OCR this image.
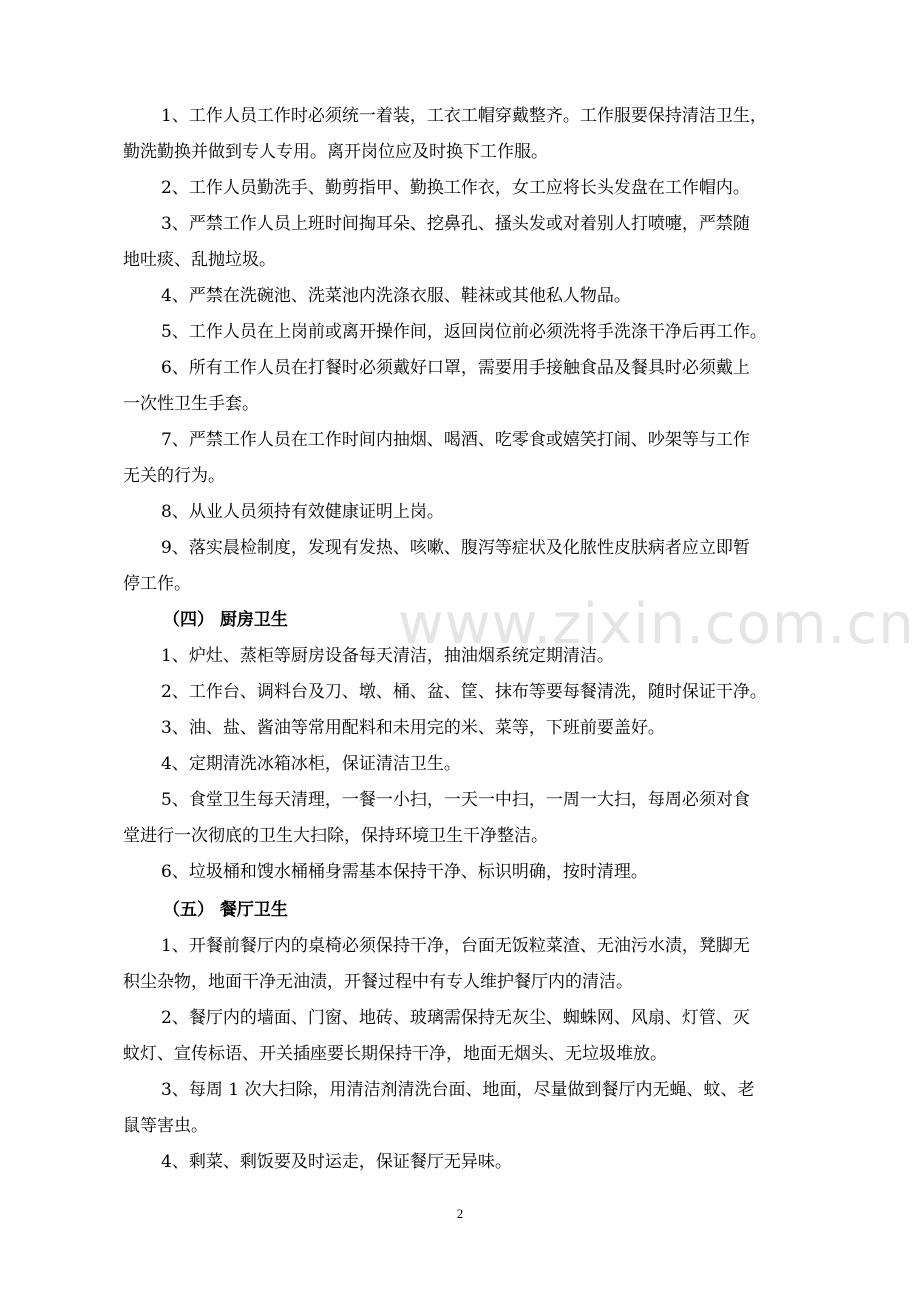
www.zixin.com.cn
1、工作人员工作时必须统一着装，工衣工帽穿戴整齐。工作服要保持清洁卫生，
勤洗勤换并做到专人专用。离开岗位应及时换下工作服。
2、工作人员勤洗手、勤剪指甲、勤换工作衣，女工应将长头发盘在工作帽内。
3、严禁工作人员上班时间掏耳朵、挖鼻孔、搔头发或对着别人打喷嚏，严禁随
地吐痰、乱抛垃圾。
4、严禁在洗碗池、洗菜池内洗涤衣服、鞋袜或其他私人物品。
5、工作人员在上岗前或离开操作间，返回岗位前必须洗将手洗涤干净后再工作。
6、所有工作人员在打餐时必须戴好口罩，需要用手接触食品及餐具时必须戴上
一次性卫生手套。
7、严禁工作人员在工作时间内抽烟、喝酒、吃零食或嬉笑打闹、吵架等与工作
无关的行为。
8、从业人员须持有效健康证明上岗。
9、落实晨检制度，发现有发热、咳嗽、腹泻等症状及化脓性皮肤病者应立即暂
停工作。
（四） 厨房卫生
1、炉灶、蒸柜等厨房设备每天清洁，抽油烟系统定期清洁。
2、工作台、调料台及刀、墩、桶、盆、筐、抹布等要每餐清洗，随时保证干净。
3、油、盐、酱油等常用配料和未用完的米、菜等，下班前要盖好。
4、定期清洗冰箱冰柜，保证清洁卫生。
5、食堂卫生每天清理，一餐一小扫，一天一中扫，一周一大扫，每周必须对食
堂进行一次彻底的卫生大扫除，保持环境卫生干净整洁。
6、垃圾桶和馊水桶桶身需基本保持干净、标识明确，按时清理。
（五） 餐厅卫生
1、开餐前餐厅内的桌椅必须保持干净，台面无饭粒菜渣、无油污水渍，凳脚无
积尘杂物，地面干净无油渍，开餐过程中有专人维护餐厅内的清洁。
2、餐厅内的墙面、门窗、地砖、玻璃需保持无灰尘、蜘蛛网、风扇、灯管、灭
蚊灯、宣传标语、开关插座要长期保持干净，地面无烟头、无垃圾堆放。
3、每周 1 次大扫除，用清洁剂清洗台面、地面，尽量做到餐厅内无蝇、蚊、老
鼠等害虫。
4、剩菜、剩饭要及时运走，保证餐厅无异味。
2
